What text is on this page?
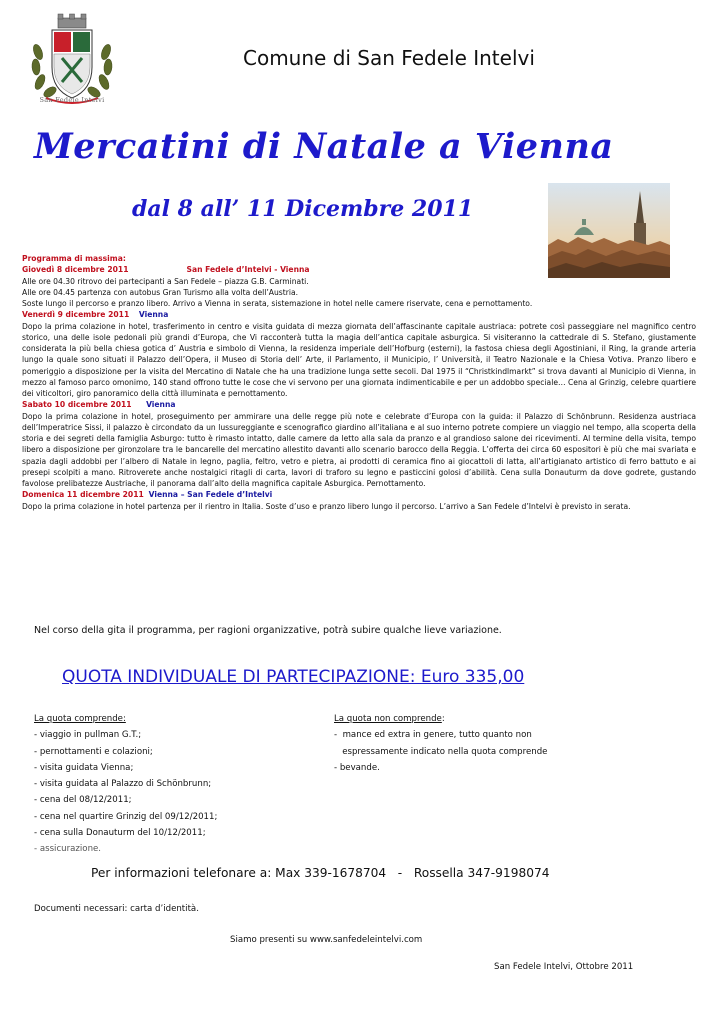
San Fedele Intelvi
Comune di San Fedele Intelvi
Mercatini di Natale a Vienna
dal 8 all’ 11 Dicembre 2011

Programma di massima:

Giovedì 8 dicembre 2011	San Fedele d’Intelvi - Vienna

Alle ore 04.30 ritrovo dei partecipanti a San Fedele – piazza G.B. Carminati.

Alle ore 04.45 partenza con autobus Gran Turismo alla volta dell’Austria.

Soste lungo il percorso e pranzo libero. Arrivo a Vienna in serata, sistemazione in hotel nelle camere riservate, cena e pernottamento.

Venerdì 9 dicembre 2011 Vienna

Dopo la prima colazione in hotel, trasferimento in centro e visita guidata di mezza giornata dell’affascinante capitale austriaca: potrete così passeggiare nel magnifico centro storico, una delle isole pedonali più grandi d’Europa, che Vi racconterà tutta la magia dell’antica capitale asburgica. Si visiteranno la cattedrale di S. Stefano, giustamente considerata la più bella chiesa gotica d’ Austria e simbolo di Vienna, la residenza imperiale dell’Hofburg (esterni), la fastosa chiesa degli Agostiniani, il Ring, la grande arteria lungo la quale sono situati il Palazzo dell’Opera, il Museo di Storia dell’ Arte, il Parlamento, il Municipio, l’ Università, il Teatro Nazionale e la Chiesa Votiva. Pranzo libero e pomeriggio a disposizione per la visita del Mercatino di Natale che ha una tradizione lunga sette secoli. Dal 1975 il “Christkindlmarkt” si trova davanti al Municipio di Vienna, in mezzo al famoso parco omonimo, 140 stand offrono tutte le cose che vi servono per una giornata indimenticabile e per un addobbo speciale… Cena al Grinzig, celebre quartiere dei viticoltori, giro panoramico della città illuminata e pernottamento.

Sabato 10 dicembre 2011 Vienna

Dopo la prima colazione in hotel, proseguimento per ammirare una delle regge più note e celebrate d’Europa con la guida: il Palazzo di Schönbrunn. Residenza austriaca dell’Imperatrice Sissi, il palazzo è circondato da un lussureggiante e scenografico giardino all’italiana e al suo interno potrete compiere un viaggio nel tempo, alla scoperta della storia e dei segreti della famiglia Asburgo: tutto è rimasto intatto, dalle camere da letto alla sala da pranzo e al grandioso salone dei ricevimenti. Al termine della visita, tempo libero a disposizione per gironzolare tra le bancarelle del mercatino allestito davanti allo scenario barocco della Reggia. L’offerta dei circa 60 espositori è più che mai svariata e spazia dagli addobbi per l’albero di Natale in legno, paglia, feltro, vetro e pietra, ai prodotti di ceramica fino ai giocattoli di latta, all’artigianato artistico di ferro battuto e ai presepi scolpiti a mano. Ritroverete anche nostalgici ritagli di carta, lavori di traforo su legno e pasticcini golosi d’abilità. Cena sulla Donauturm da dove godrete, gustando favolose prelibatezze Austriache, il panorama dall’alto della magnifica capitale Asburgica. Pernottamento.

Domenica 11 dicembre 2011 Vienna – San Fedele d’Intelvi

Dopo la prima colazione in hotel partenza per il rientro in Italia. Soste d’uso e pranzo libero lungo il percorso. L’arrivo a San Fedele d’Intelvi è previsto in serata.

Nel corso della gita il programma, per ragioni organizzative, potrà subire qualche lieve variazione.
QUOTA INDIVIDUALE DI PARTECIPAZIONE: Euro 335,00
La quota comprende:
- viaggio in pullman G.T.;
- pernottamenti e colazioni;
- visita guidata Vienna;
- visita guidata al Palazzo di Schönbrunn;
- cena del 08/12/2011;
- cena nel quartire Grinzig del 09/12/2011;
- cena sulla Donauturm del 10/12/2011;
- assicurazione.
La quota non comprende:
-  mance ed extra in genere, tutto quanto non
espressamente indicato nella quota comprende
- bevande.
Per informazioni telefonare a: Max 339-1678704   -   Rossella 347-9198074
Documenti necessari: carta d’identità.
Siamo presenti su www.sanfedeleintelvi.com
San Fedele Intelvi, Ottobre 2011
